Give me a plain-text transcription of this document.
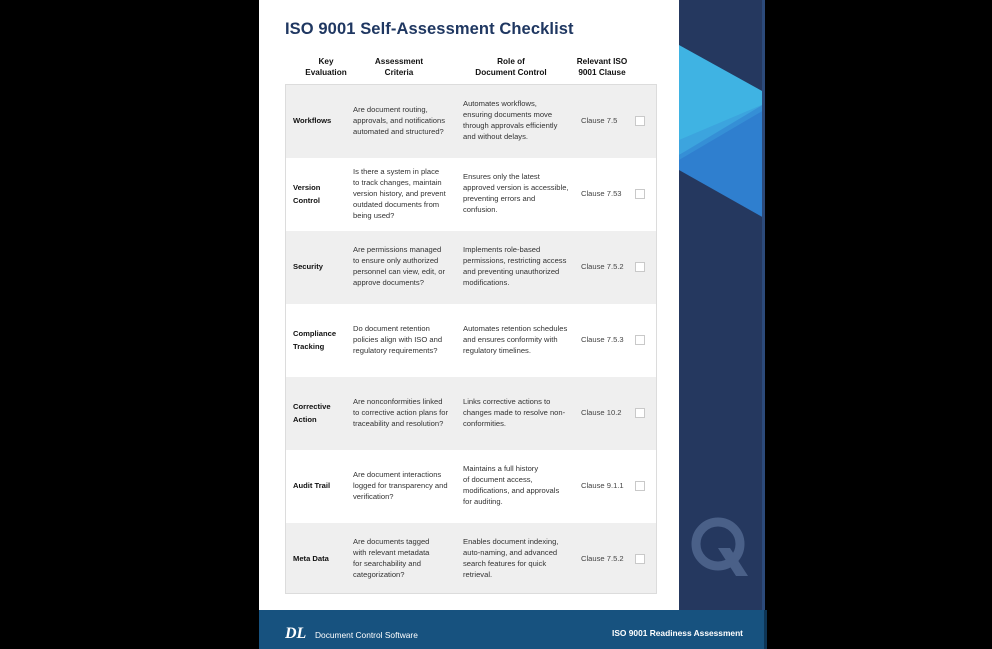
ISO 9001 Self-Assessment Checklist
Key
Evaluation
Assessment
Criteria
Role of
Document Control
Relevant ISO
9001 Clause
Workflows
Are document routing,
approvals, and notifications
automated and structured?
Automates workflows,
ensuring documents move
through approvals efficiently
and without delays.
Clause 7.5
Version
Control
Is there a system in place
to track changes, maintain
version history, and prevent
outdated documents from
being used?
Ensures only the latest
approved version is accessible,
preventing errors and
confusion.
Clause 7.53
Security
Are permissions managed
to ensure only authorized
personnel can view, edit, or
approve documents?
Implements role-based
permissions, restricting access
and preventing unauthorized
modifications.
Clause 7.5.2
Compliance
Tracking
Do document retention
policies align with ISO and
regulatory requirements?
Automates retention schedules
and ensures conformity with
regulatory timelines.
Clause 7.5.3
Corrective
Action
Are nonconformities linked
to corrective action plans for
traceability and resolution?
Links corrective actions to
changes made to resolve non-
conformities.
Clause 10.2
Audit Trail
Are document interactions
logged for transparency and
verification?
Maintains a full history
of document access,
modifications, and approvals
for auditing.
Clause 9.1.1
Meta Data
Are documents tagged
with relevant metadata
for searchability and
categorization?
Enables document indexing,
auto-naming, and advanced
search features for quick
retrieval.
Clause 7.5.2
DL Document Control Software	ISO 9001 Readiness Assessment
